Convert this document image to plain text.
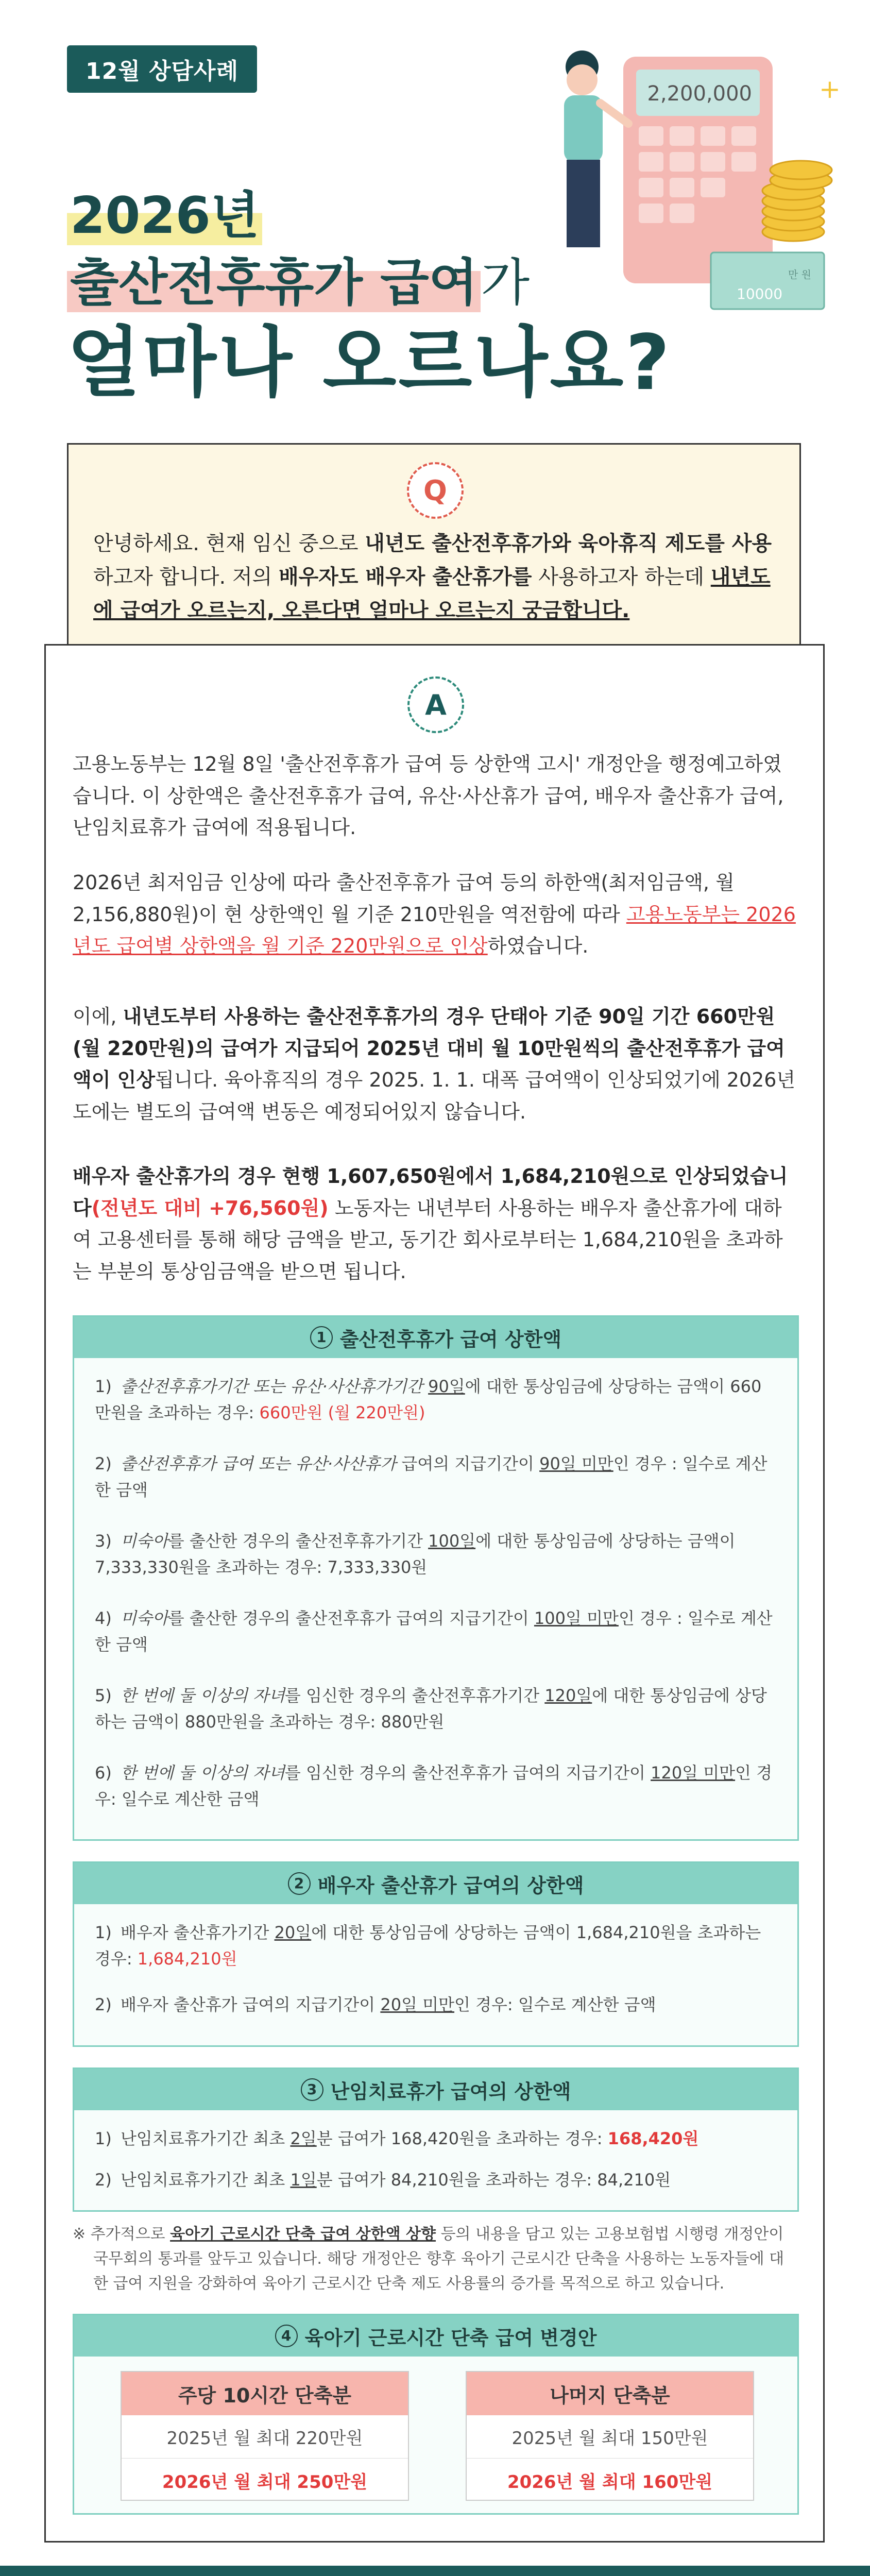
12월 상담사례
2,200,000
10000
만 원
+
2026년
출산전후휴가 급여가
얼마나 오르나요?
Q

안녕하세요. 현재 임신 중으로 내년도 출산전후휴가와 육아휴직 제도를 사용하고자 합니다. 저의 배우자도 배우자 출산휴가를 사용하고자 하는데 내년도 에 급여가 오르는지, 오른다면 얼마나 오르는지 궁금합니다.

A

고용노동부는 12월 8일 '출산전후휴가 급여 등 상한액 고시' 개정안을 행정예고하였습니다. 이 상한액은 출산전후휴가 급여, 유산·사산휴가 급여, 배우자 출산휴가 급여, 난임치료휴가 급여에 적용됩니다.

2026년 최저임금 인상에 따라 출산전후휴가 급여 등의 하한액(최저임금액, 월 2,156,880원)이 현 상한액인 월 기준 210만원을 역전함에 따라 고용노동부는 2026년도 급여별 상한액을 월 기준 220만원으로 인상하였습니다.

이에, 내년도부터 사용하는 출산전후휴가의 경우 단태아 기준 90일 기간 660만원(월 220만원)의 급여가 지급되어 2025년 대비 월 10만원씩의 출산전후휴가 급여액이 인상됩니다. 육아휴직의 경우 2025. 1. 1. 대폭 급여액이 인상되었기에 2026년도에는 별도의 급여액 변동은 예정되어있지 않습니다.

배우자 출산휴가의 경우 현행 1,607,650원에서 1,684,210원으로 인상되었습니다(전년도 대비 +76,560원) 노동자는 내년부터 사용하는 배우자 출산휴가에 대하여 고용센터를 통해 해당 금액을 받고, 동기간 회사로부터는 1,684,210원을 초과하는 부분의 통상임금액을 받으면 됩니다.

1 출산전후휴가 급여 상한액
1) 출산전후휴가기간 또는 유산·사산휴가기간 90일에 대한 통상임금에 상당하는 금액이 660만원을 초과하는 경우: 660만원 (월 220만원)
2) 출산전후휴가 급여 또는 유산·사산휴가 급여의 지급기간이 90일 미만인 경우 : 일수로 계산한 금액
3) 미숙아를 출산한 경우의 출산전후휴가기간 100일에 대한 통상임금에 상당하는 금액이 7,333,330원을 초과하는 경우: 7,333,330원
4) 미숙아를 출산한 경우의 출산전후휴가 급여의 지급기간이 100일 미만인 경우 : 일수로 계산한 금액
5) 한 번에 둘 이상의 자녀를 임신한 경우의 출산전후휴가기간 120일에 대한 통상임금에 상당하는 금액이 880만원을 초과하는 경우: 880만원
6) 한 번에 둘 이상의 자녀를 임신한 경우의 출산전후휴가 급여의 지급기간이 120일 미만인 경우: 일수로 계산한 금액
2 배우자 출산휴가 급여의 상한액
1) 배우자 출산휴가기간 20일에 대한 통상임금에 상당하는 금액이 1,684,210원을 초과하는 경우: 1,684,210원
2) 배우자 출산휴가 급여의 지급기간이 20일 미만인 경우: 일수로 계산한 금액
3 난임치료휴가 급여의 상한액
1) 난임치료휴가기간 최초 2일분 급여가 168,420원을 초과하는 경우: 168,420원
2) 난임치료휴가기간 최초 1일분 급여가 84,210원을 초과하는 경우: 84,210원

※ 추가적으로 육아기 근로시간 단축 급여 상한액 상향 등의 내용을 담고 있는 고용보험법 시행령 개정안이 국무회의 통과를 앞두고 있습니다. 해당 개정안은 향후 육아기 근로시간 단축을 사용하는 노동자들에 대한 급여 지원을 강화하여 육아기 근로시간 단축 제도 사용률의 증가를 목적으로 하고 있습니다.

4 육아기 근로시간 단축 급여 변경안
주당 10시간 단축분
2025년 월 최대 220만원
2026년 월 최대 250만원
나머지 단축분
2025년 월 최대 150만원
2026년 월 최대 160만원
